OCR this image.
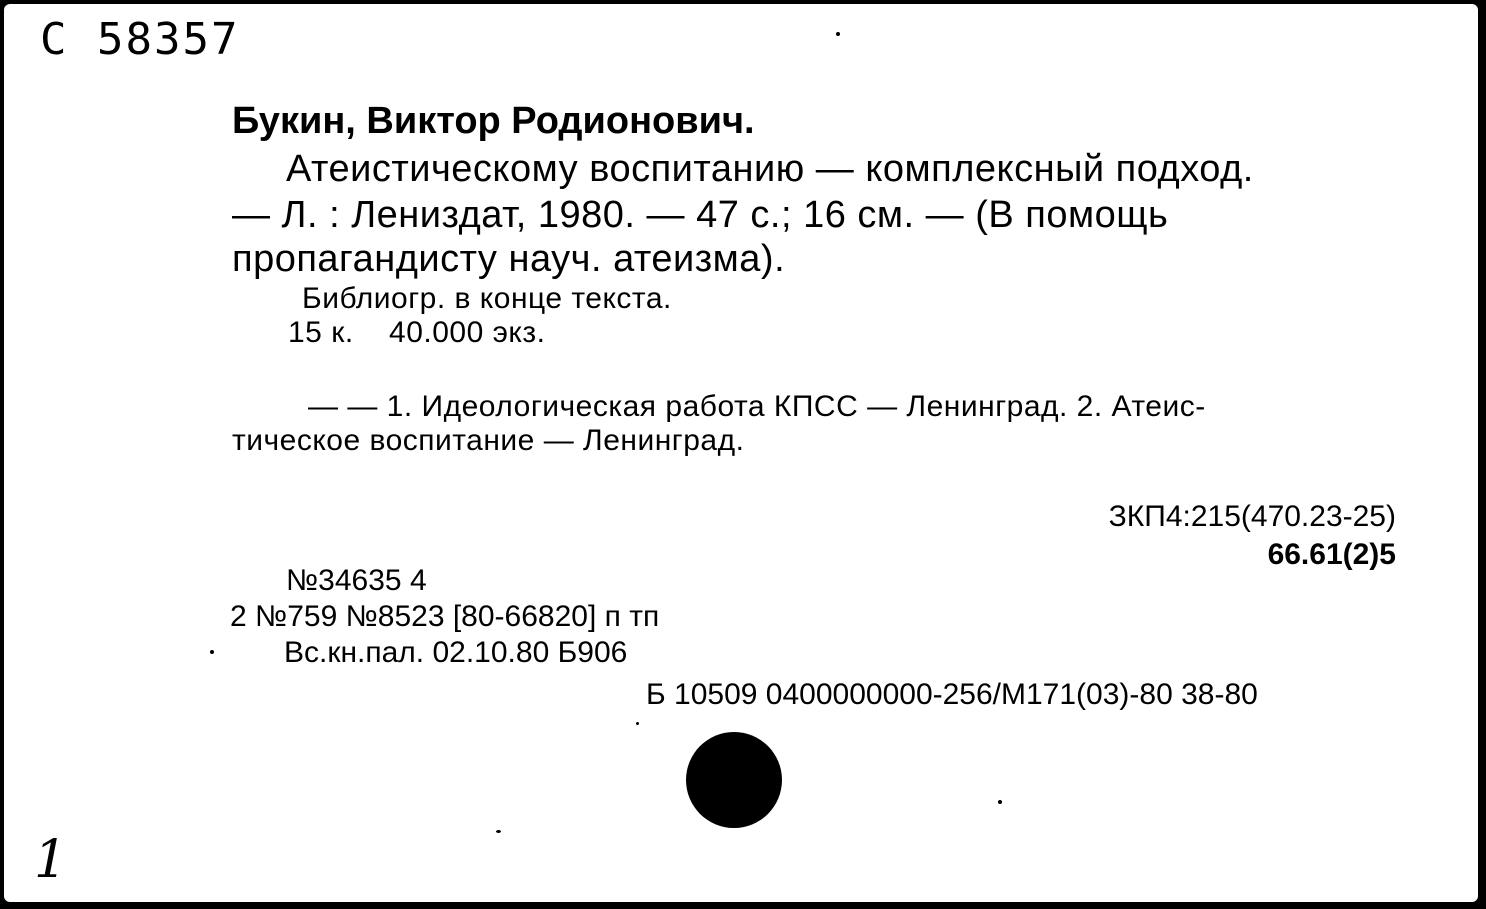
С 58357
Букин, Виктор Родионович.
Атеистическому воспитанию — комплексный подход.
— Л. : Лениздат, 1980. — 47 с.; 16 см. — (В помощь
пропагандисту науч. атеизма).
Библиогр. в конце текста.
15 к.    40.000 экз.
— — 1. Идеологическая работа КПСС — Ленинград. 2. Атеис-
тическое воспитание — Ленинград.
ЗКП4:215(470.23-25)
66.61(2)5
№34635 4
2 №759 №8523 [80-66820] п тп
Вс.кн.пал. 02.10.80 Б906
Б 10509 0400000000-256/М171(03)-80 38-80
1
